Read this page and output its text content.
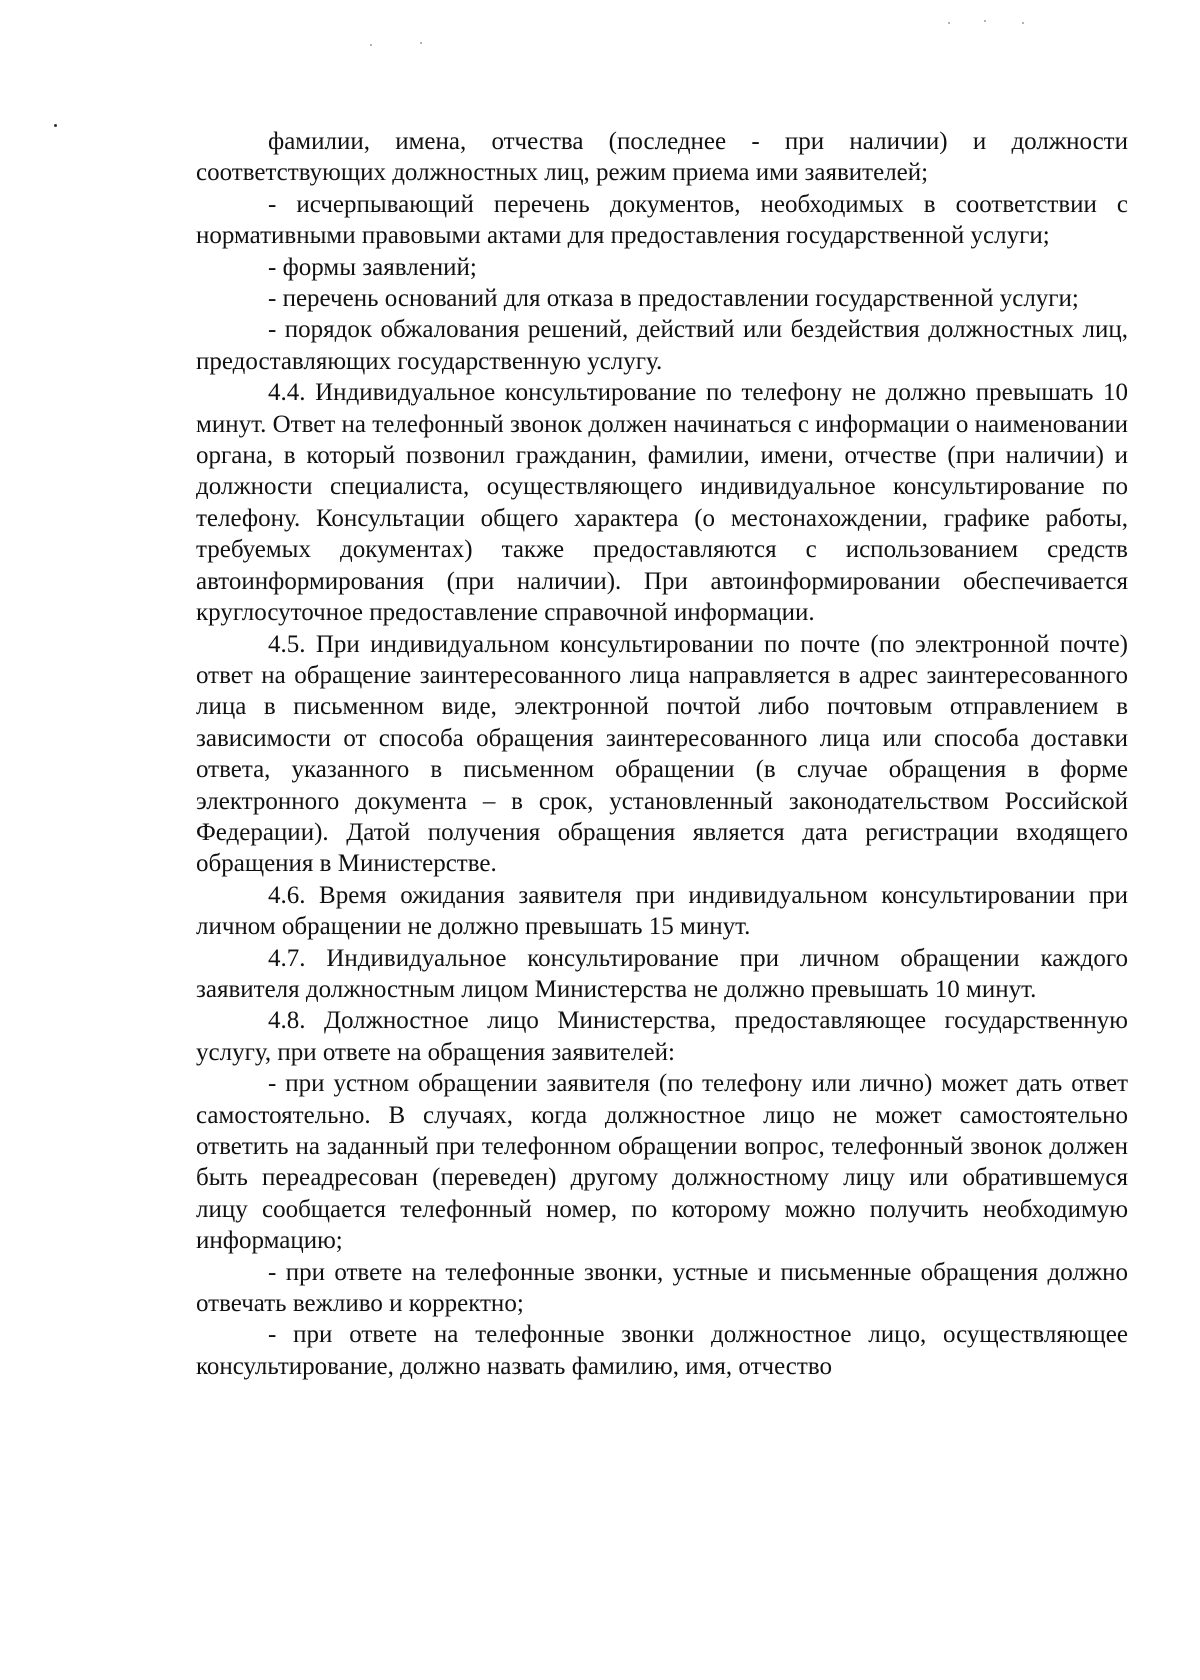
фамилии, имена, отчества (последнее - при наличии) и должности соответствующих должностных лиц, режим приема ими заявителей;

- исчерпывающий перечень документов, необходимых в соответствии с нормативными правовыми актами для предоставления государственной услуги;

- формы заявлений;

- перечень оснований для отказа в предоставлении государственной услуги;

- порядок обжалования решений, действий или бездействия должностных лиц, предоставляющих государственную услугу.

4.4. Индивидуальное консультирование по телефону не должно превышать 10 минут. Ответ на телефонный звонок должен начинаться с информации о наименовании органа, в который позвонил гражданин, фамилии, имени, отчестве (при наличии) и должности специалиста, осуществляющего индивидуальное консультирование по телефону. Консультации общего характера (о местонахождении, графике работы, требуемых документах) также предоставляются с использованием средств автоинформирования (при наличии). При автоинформировании обеспечивается круглосуточное предоставление справочной информации.

4.5. При индивидуальном консультировании по почте (по электронной почте) ответ на обращение заинтересованного лица направляется в адрес заинтересованного лица в письменном виде, электронной почтой либо почтовым отправлением в зависимости от способа обращения заинтересованного лица или способа доставки ответа, указанного в письменном обращении (в случае обращения в форме электронного документа – в срок, установленный законодательством Российской Федерации). Датой получения обращения является дата регистрации входящего обращения в Министерстве.

4.6. Время ожидания заявителя при индивидуальном консультировании при личном обращении не должно превышать 15 минут.

4.7. Индивидуальное консультирование при личном обращении каждого заявителя должностным лицом Министерства не должно превышать 10 минут.

4.8. Должностное лицо Министерства, предоставляющее государственную услугу, при ответе на обращения заявителей:

- при устном обращении заявителя (по телефону или лично) может дать ответ самостоятельно. В случаях, когда должностное лицо не может самостоятельно ответить на заданный при телефонном обращении вопрос, телефонный звонок должен быть переадресован (переведен) другому должностному лицу или обратившемуся лицу сообщается телефонный номер, по которому можно получить необходимую информацию;

- при ответе на телефонные звонки, устные и письменные обращения должно отвечать вежливо и корректно;

- при ответе на телефонные звонки должностное лицо, осуществляющее консультирование, должно назвать фамилию, имя, отчество
